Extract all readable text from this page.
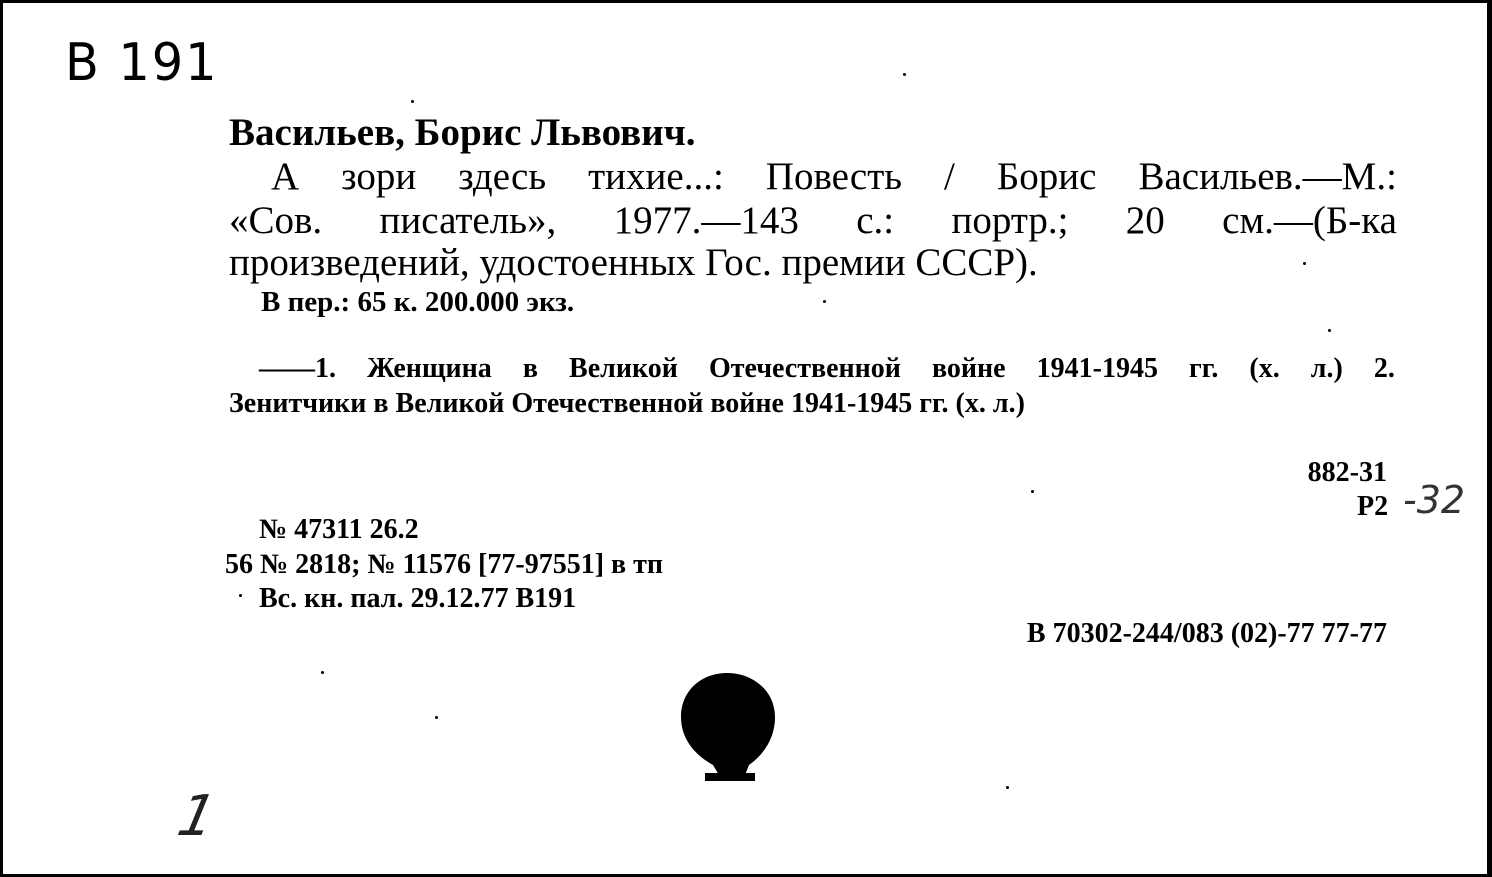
B 191
Васильев, Борис Львович.
А зори здесь тихие...: Повесть / Борис Васильев.—М.:
«Сов. писатель», 1977.—143 с.: портр.; 20 см.—(Б-ка
произведений, удостоенных Гос. премии СССР).
В пер.: 65 к. 200.000 экз.
——1. Женщина в Великой Отечественной войне 1941-1945 гг. (х. л.) 2.
Зенитчики в Великой Отечественной войне 1941-1945 гг. (х. л.)
882-31
Р2 -32
№ 47311 26.2
56 № 2818; № 11576 [77-97551] в тп
Вс. кн. пал. 29.12.77 В191
В 70302-244/083 (02)-77 77-77
1
